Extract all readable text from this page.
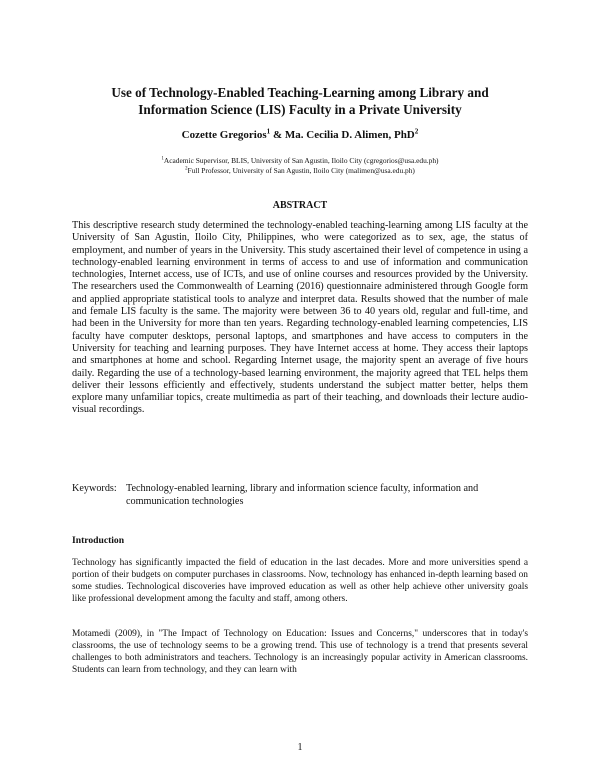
Use of Technology-Enabled Teaching-Learning among Library and
Information Science (LIS) Faculty in a Private University
Cozette Gregorios$^1$ & Ma. Cecilia D. Alimen, PhD$^2$
$^1$Academic Supervisor, BLIS, University of San Agustin, Iloilo City (cgregorios@usa.edu.ph)
$^2$Full Professor, University of San Agustin, Iloilo City (malimen@usa.edu.ph)
ABSTRACT

This descriptive research study determined the technology-enabled teaching-learning among LIS faculty at the University of San Agustin, Iloilo City, Philippines, who were categorized as to sex, age, the status of employment, and number of years in the University. This study ascertained their level of competence in using a technology-enabled learning environment in terms of access to and use of information and communication technologies, Internet access, use of ICTs, and use of online courses and resources provided by the University. The researchers used the Commonwealth of Learning (2016) questionnaire administered through Google form and applied appropriate statistical tools to analyze and interpret data. Results showed that the number of male and female LIS faculty is the same. The majority were between 36 to 40 years old, regular and full-time, and had been in the University for more than ten years. Regarding technology-enabled learning competencies, LIS faculty have computer desktops, personal laptops, and smartphones and have access to computers in the University for teaching and learning purposes. They have Internet access at home. They access their laptops and smartphones at home and school. Regarding Internet usage, the majority spent an average of five hours daily. Regarding the use of a technology-based learning environment, the majority agreed that TEL helps them deliver their lessons efficiently and effectively, students understand the subject matter better, helps them explore many unfamiliar topics, create multimedia as part of their teaching, and downloads their lecture audio-visual recordings.

Keywords: Technology-enabled learning, library and information science faculty, information and communication technologies
Introduction

Technology has significantly impacted the field of education in the last decades. More and more universities spend a portion of their budgets on computer purchases in classrooms. Now, technology has enhanced in-depth learning based on some studies. Technological discoveries have improved education as well as other help achieve other university goals like professional development among the faculty and staff, among others.

Motamedi (2009), in "The Impact of Technology on Education: Issues and Concerns," underscores that in today's classrooms, the use of technology seems to be a growing trend. This use of technology is a trend that presents several challenges to both administrators and teachers. Technology is an increasingly popular activity in American classrooms. Students can learn from technology, and they can learn with

1
